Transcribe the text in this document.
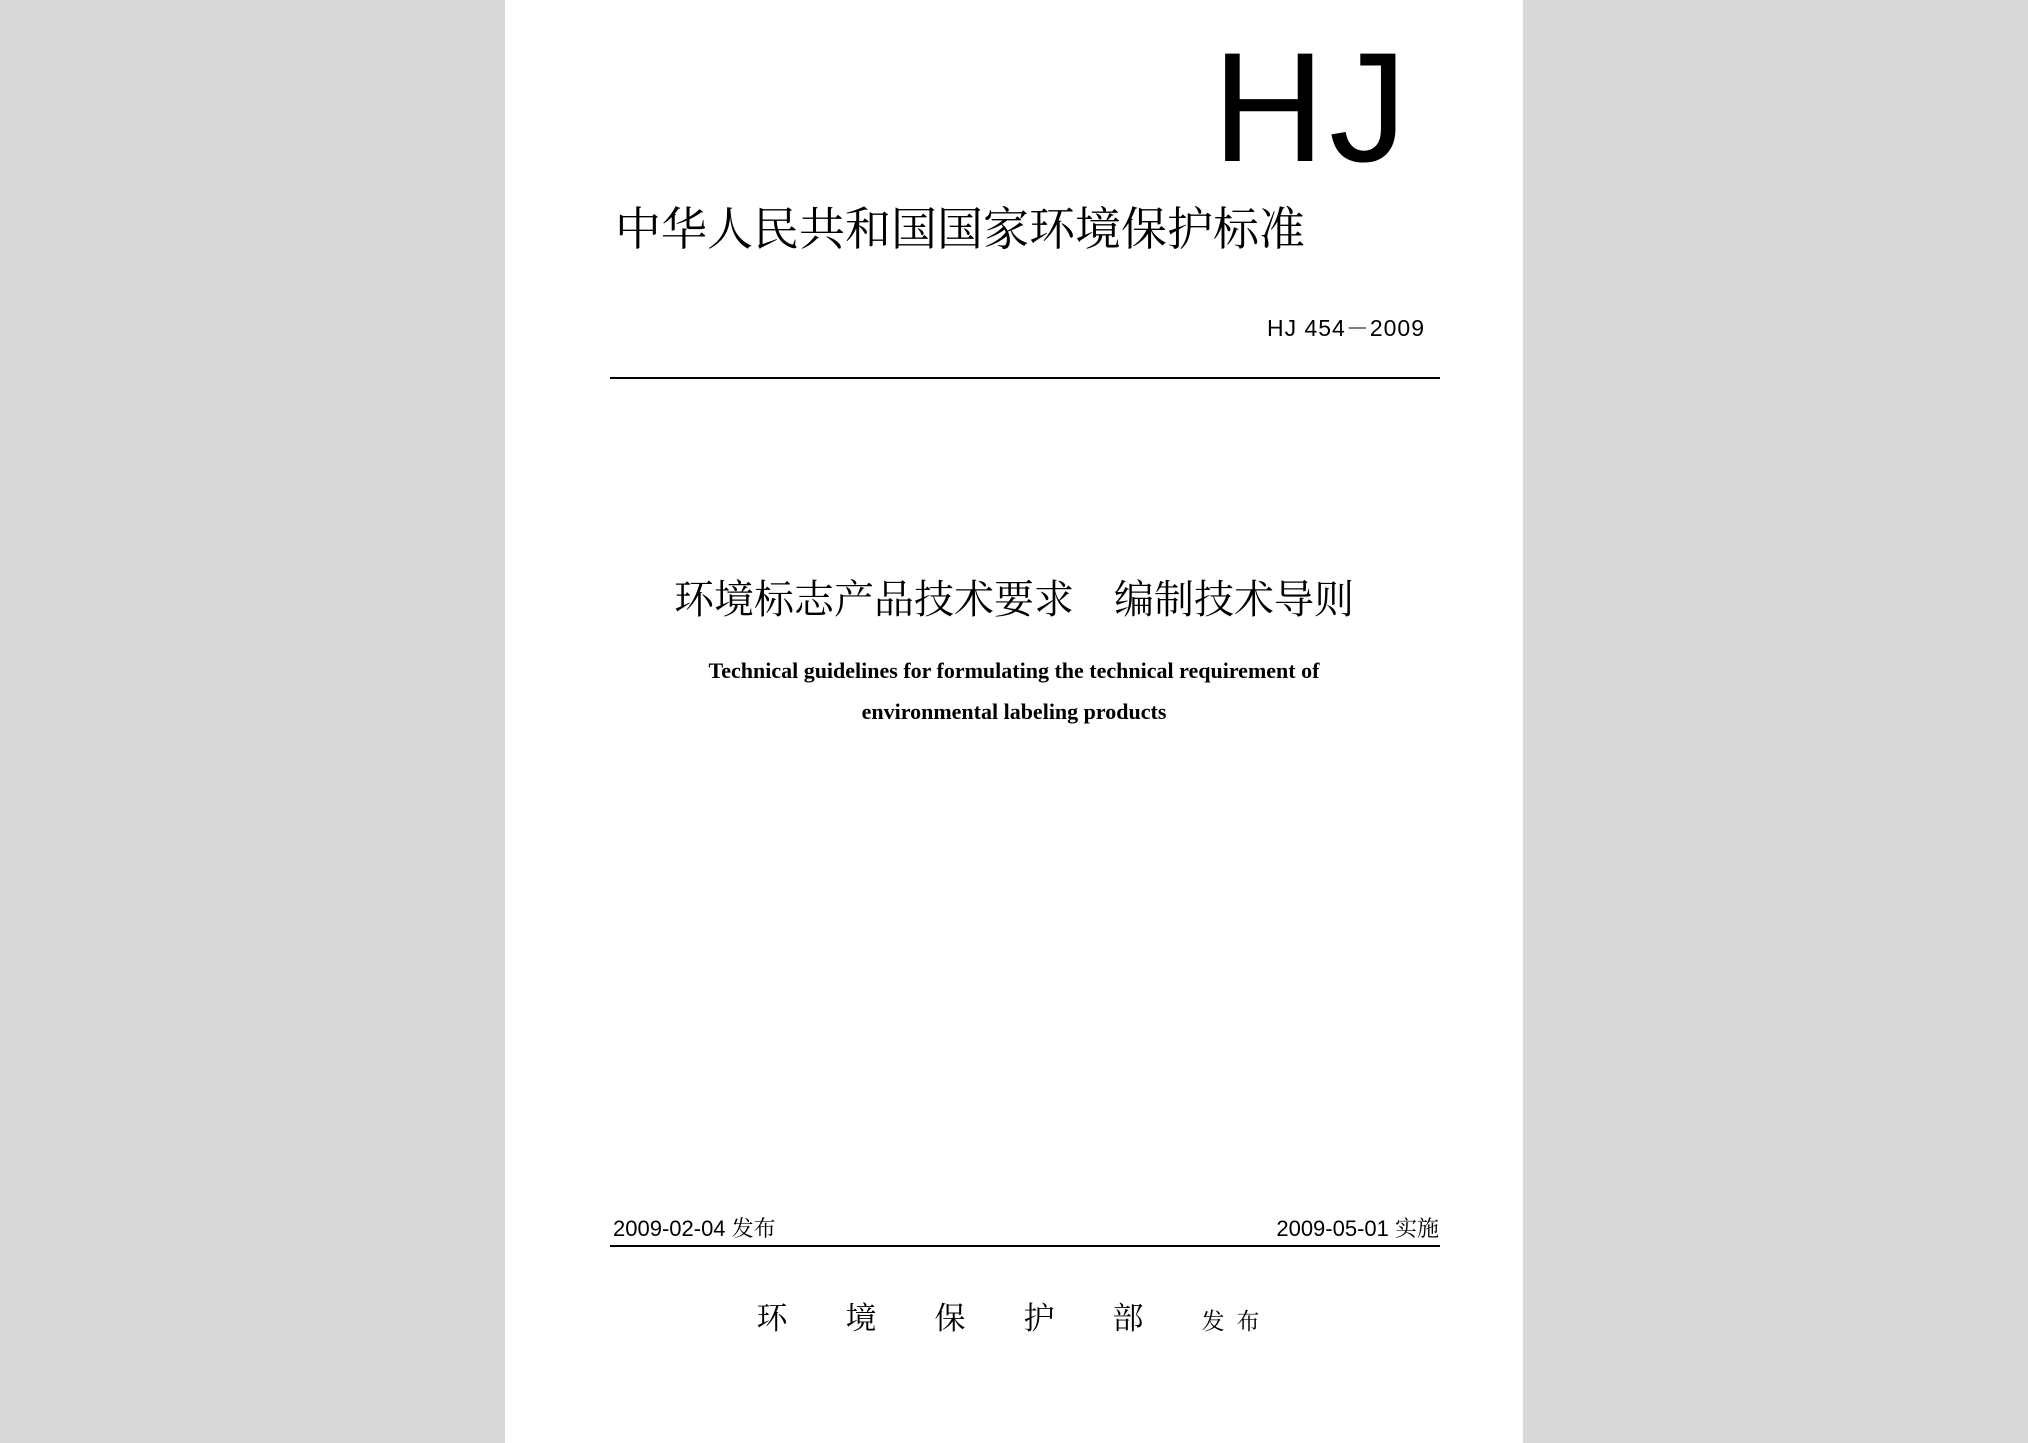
HJ
中华人民共和国国家环境保护标准
HJ 454－2009
环境标志产品技术要求　编制技术导则
Technical guidelines for formulating the technical requirement of
environmental labeling products
2009-02-04 发布	2009-05-01 实施
环境保护部发布
